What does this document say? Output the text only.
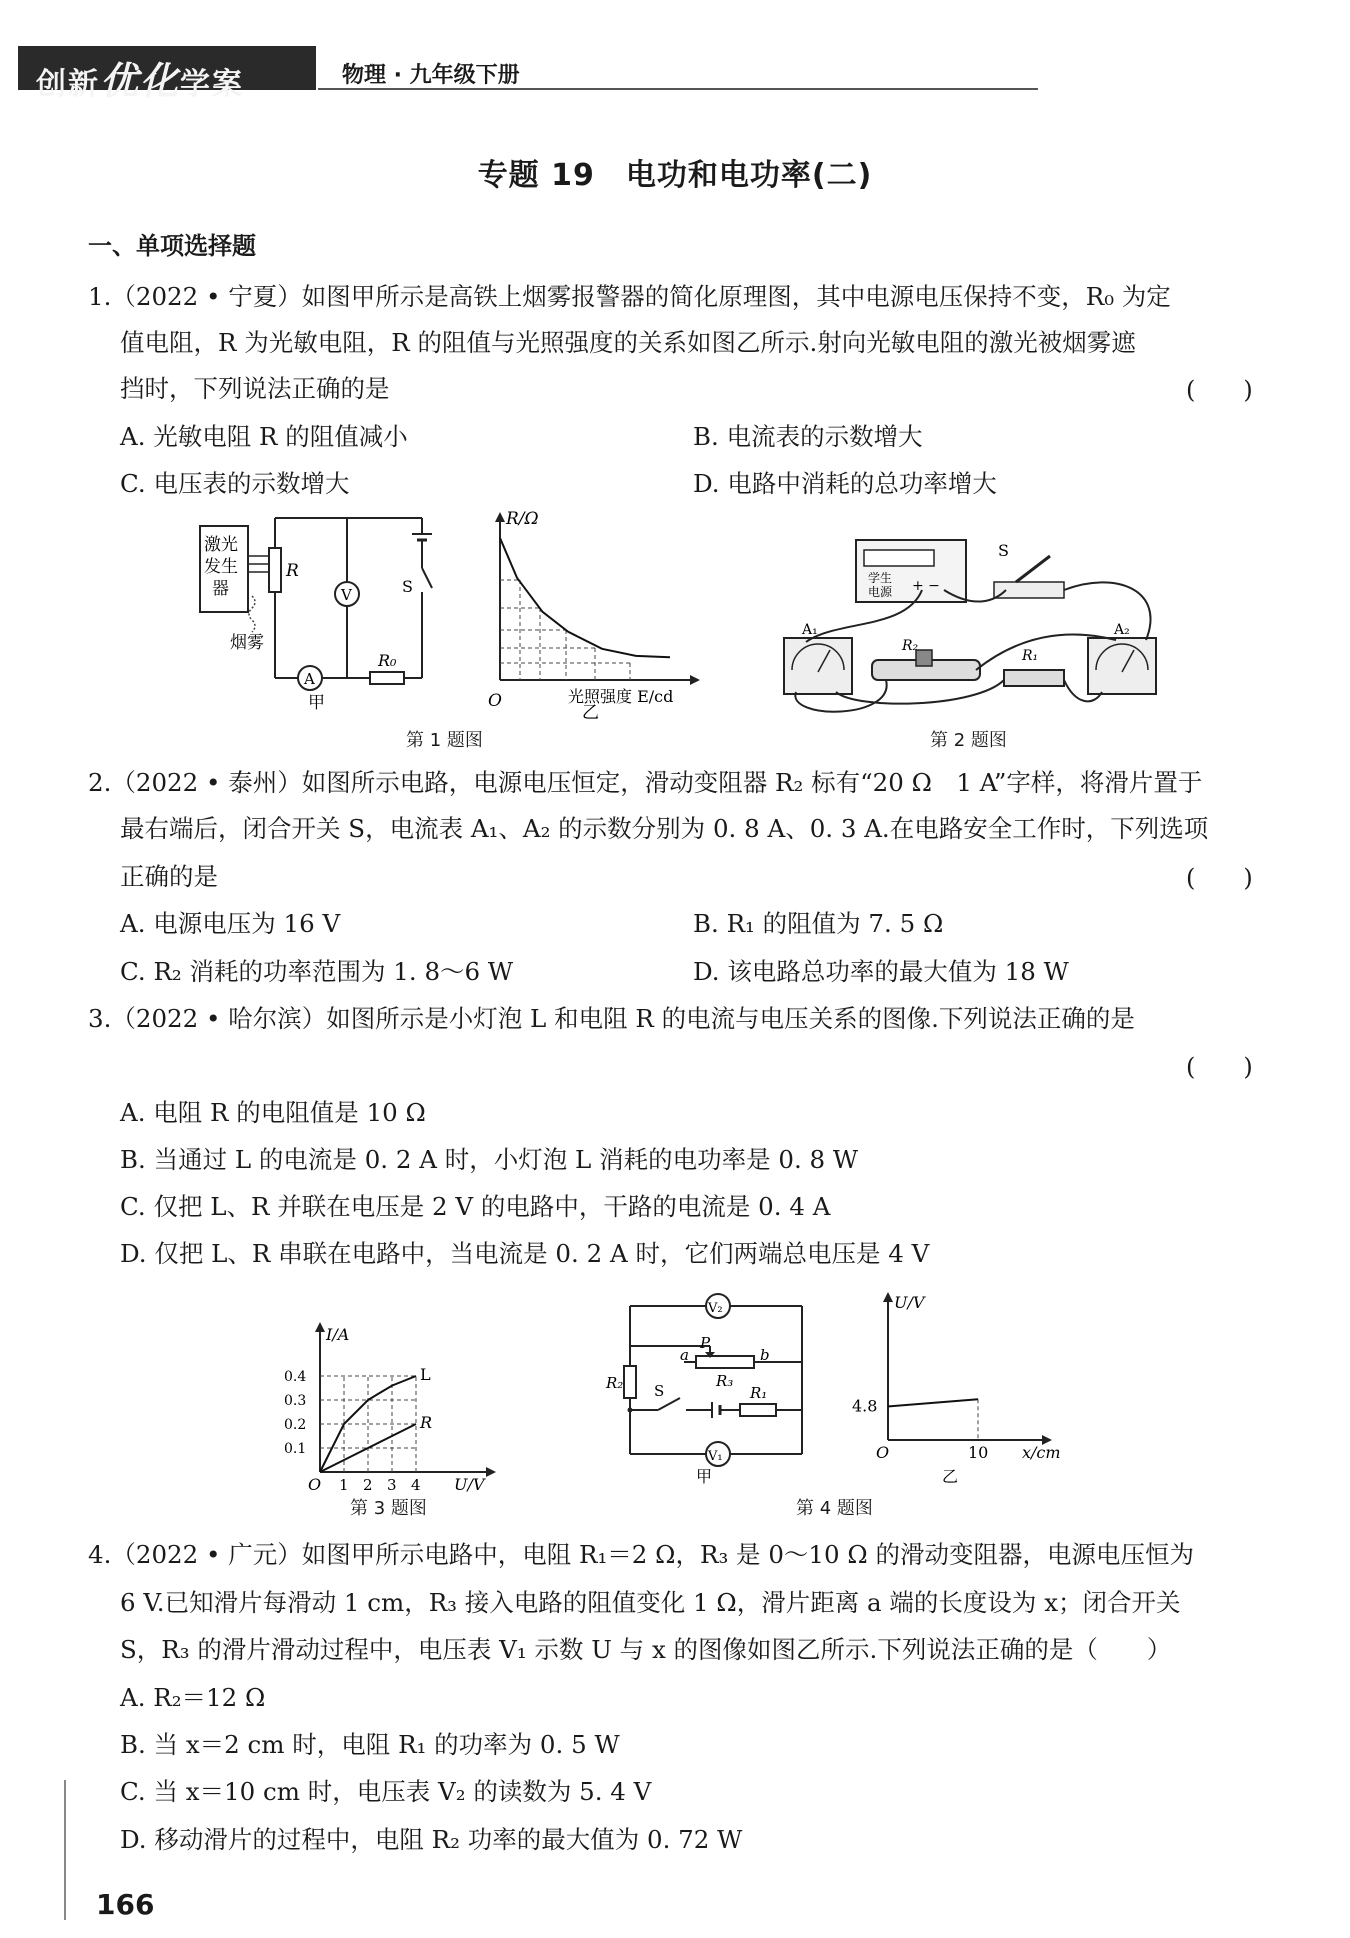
创新优化学案	物理 · 九年级下册
专题 19　电功和电功率(二)
一、单项选择题
1.（2022 • 宁夏）如图甲所示是高铁上烟雾报警器的简化原理图，其中电源电压保持不变，R₀ 为定
值电阻，R 为光敏电阻，R 的阻值与光照强度的关系如图乙所示.射向光敏电阻的激光被烟雾遮
挡时，下列说法正确的是	(　　)
A. 光敏电阻 R 的阻值减小	B. 电流表的示数增大
C. 电压表的示数增大	D. 电路中消耗的总功率增大
激光
发生
器
烟雾
R
V	S
A
R₀
甲
R/Ω
O	光照强度 E/cd
乙
第 1 题图
学生
电源 + −
S
A₁	A₂
R₂
R₁
第 2 题图
2.（2022 • 泰州）如图所示电路，电源电压恒定，滑动变阻器 R₂ 标有“20 Ω　1 A”字样，将滑片置于
最右端后，闭合开关 S，电流表 A₁、A₂ 的示数分别为 0. 8 A、0. 3 A.在电路安全工作时，下列选项
正确的是	(　　)
A. 电源电压为 16 V	B. R₁ 的阻值为 7. 5 Ω
C. R₂ 消耗的功率范围为 1. 8～6 W	D. 该电路总功率的最大值为 18 W
3.（2022 • 哈尔滨）如图所示是小灯泡 L 和电阻 R 的电流与电压关系的图像.下列说法正确的是
(　　)
A. 电阻 R 的电阻值是 10 Ω
B. 当通过 L 的电流是 0. 2 A 时，小灯泡 L 消耗的电功率是 0. 8 W
C. 仅把 L、R 并联在电压是 2 V 的电路中，干路的电流是 0. 4 A
D. 仅把 L、R 串联在电路中，当电流是 0. 2 A 时，它们两端总电压是 4 V
I/A
U/V
O 1 2 3 4
0.4
0.3
0.2
0.1
L
R
第 3 题图
R₂
V₂
V₁
a
P
b
R₃
S	R₁
甲
U/V
O	10 x/cm
4.8
乙
第 4 题图
4.（2022 • 广元）如图甲所示电路中，电阻 R₁＝2 Ω，R₃ 是 0～10 Ω 的滑动变阻器，电源电压恒为
6 V.已知滑片每滑动 1 cm，R₃ 接入电路的阻值变化 1 Ω，滑片距离 a 端的长度设为 x；闭合开关
S，R₃ 的滑片滑动过程中，电压表 V₁ 示数 U 与 x 的图像如图乙所示.下列说法正确的是（　　）
A. R₂＝12 Ω
B. 当 x＝2 cm 时，电阻 R₁ 的功率为 0. 5 W
C. 当 x＝10 cm 时，电压表 V₂ 的读数为 5. 4 V
D. 移动滑片的过程中，电阻 R₂ 功率的最大值为 0. 72 W
166
